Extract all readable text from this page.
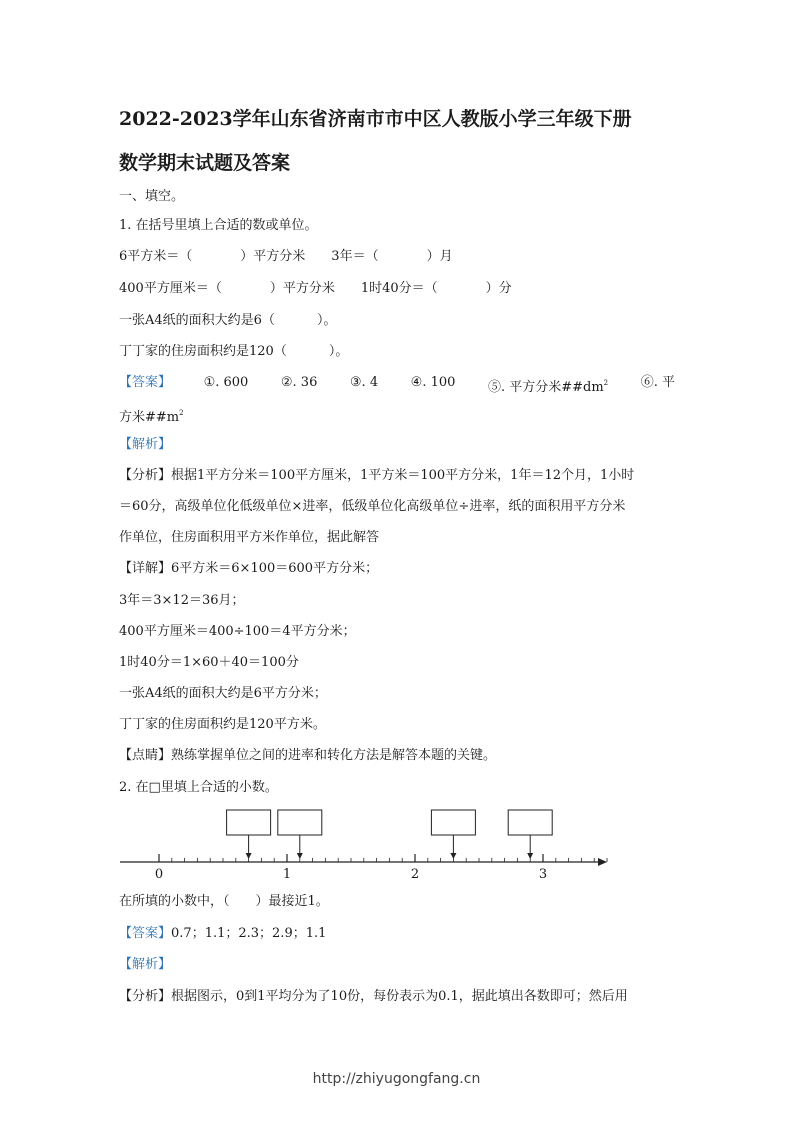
2022-2023学年山东省济南市市中区人教版小学三年级下册
数学期末试题及答案
一、填空。
1. 在括号里填上合适的数或单位。
6平方米＝（	）平方分米 3年＝（	）月
400平方厘米＝（	）平方分米 1时40分＝（	）分
一张A4纸的面积大约是6（	）。
丁丁家的住房面积约是120（	）。
【答案】	①. 600	②. 36	③. 4	④. 100	⑤. 平方分米$\#\#dm^2$	⑥. 平
方米$\#\#m^2$
【解析】
【分析】根据1平方分米＝100平方厘米，1平方米＝100平方分米，1年＝12个月，1小时
＝60分，高级单位化低级单位×进率，低级单位化高级单位÷进率，纸的面积用平方分米
作单位，住房面积用平方米作单位，据此解答
【详解】6平方米＝6×100＝600平方分米；
3年＝3×12＝36月；
400平方厘米＝400÷100＝4平方分米；
1时40分＝1×60＋40＝100分
一张A4纸的面积大约是6平方分米；
丁丁家的住房面积约是120平方米。
【点睛】熟练掌握单位之间的进率和转化方法是解答本题的关键。
2. 在□里填上合适的小数。
0	1	2	3
在所填的小数中，（　　）最接近1。
【答案】0.7；1.1；2.3；2.9；1.1
【解析】
【分析】根据图示，0到1平均分为了10份，每份表示为0.1，据此填出各数即可；然后用
http://zhiyugongfang.cn
